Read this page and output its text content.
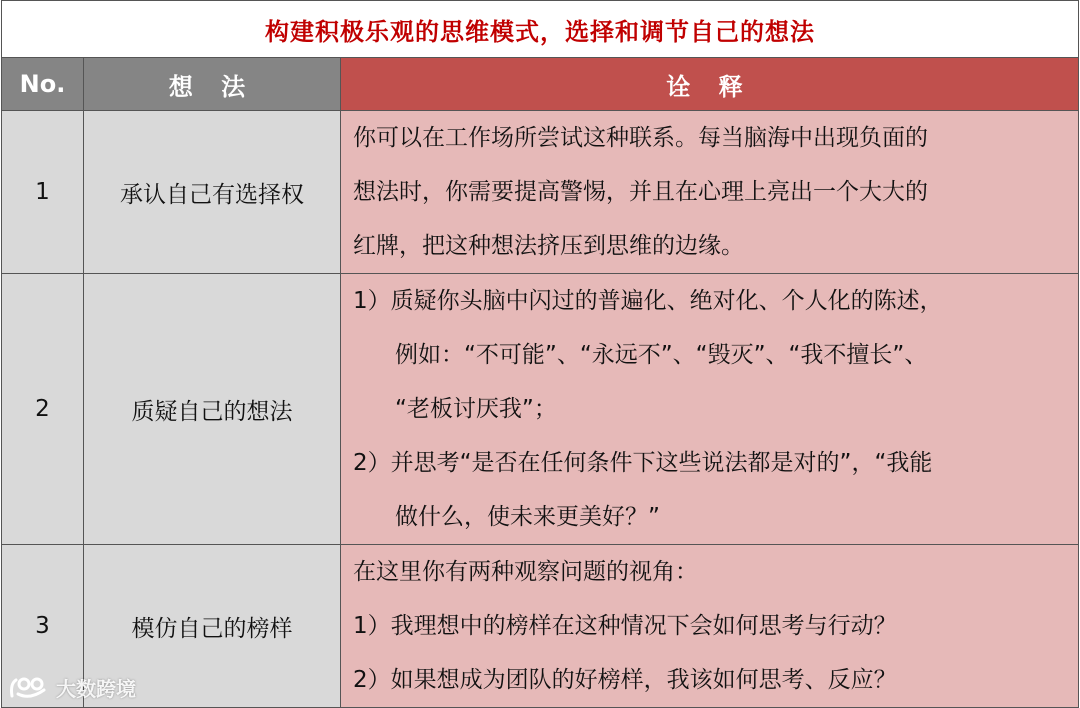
构建积极乐观的思维模式，选择和调节自己的想法		
No.	想 法	诠 释
1	承认自己有选择权	你可以在工作场所尝试这种联系。每当脑海中出现负面的
想法时，你需要提高警惕，并且在心理上亮出一个大大的
红牌，把这种想法挤压到思维的边缘。

2	质疑自己的想法	1）质疑你头脑中闪过的普遍化、绝对化、个人化的陈述，
例如：“不可能”、“永远不”、“毁灭”、“我不擅长”、
“老板讨厌我”；
2）并思考“是否在任何条件下这些说法都是对的”，“我能
做什么，使未来更美好？”

3	模仿自己的榜样	在这里你有两种观察问题的视角：
1）我理想中的榜样在这种情况下会如何思考与行动？
2）如果想成为团队的好榜样，我该如何思考、反应？
大数跨境
